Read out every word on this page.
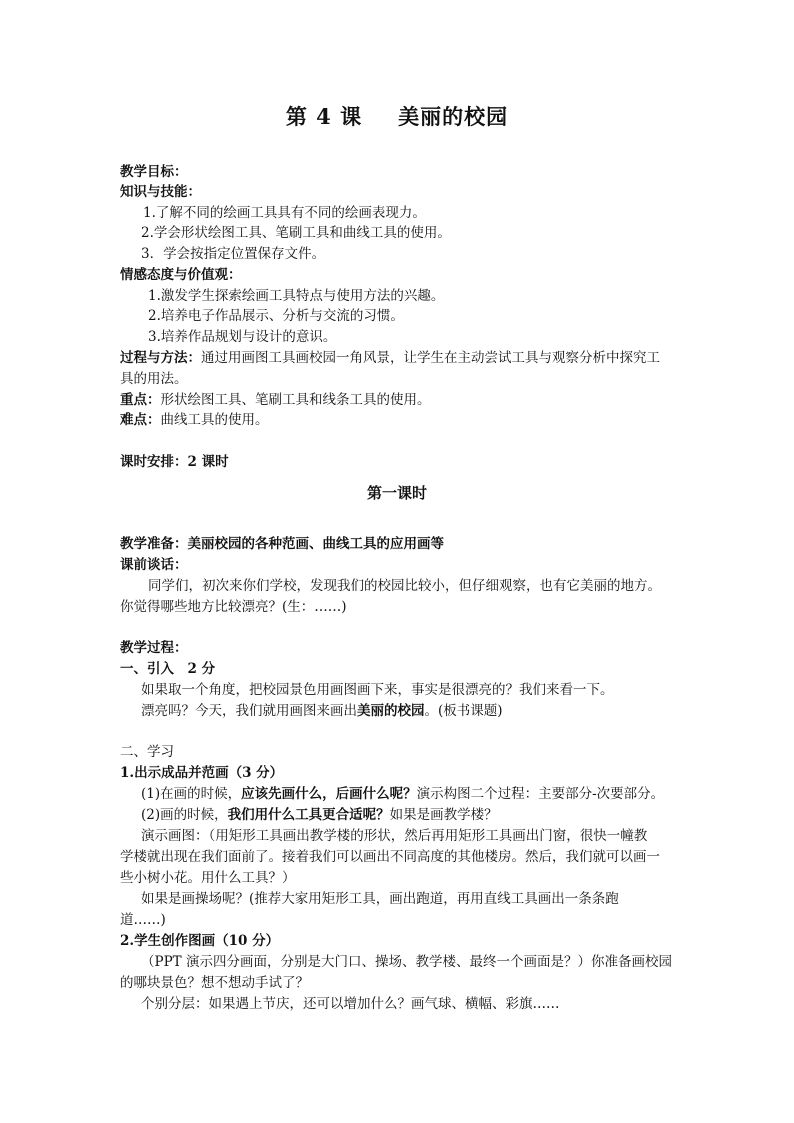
第 4 课 美丽的校园
教学目标：
知识与技能：
1.了解不同的绘画工具具有不同的绘画表现力。
2.学会形状绘图工具、笔刷工具和曲线工具的使用。
3．学会按指定位置保存文件。
情感态度与价值观：
1.激发学生探索绘画工具特点与使用方法的兴趣。
2.培养电子作品展示、分析与交流的习惯。
3.培养作品规划与设计的意识。
过程与方法：通过用画图工具画校园一角风景，让学生在主动尝试工具与观察分析中探究工
具的用法。
重点：形状绘图工具、笔刷工具和线条工具的使用。
难点：曲线工具的使用。
课时安排：2 课时
第一课时
教学准备：美丽校园的各种范画、曲线工具的应用画等
课前谈话：
同学们，初次来你们学校，发现我们的校园比较小，但仔细观察，也有它美丽的地方。
你觉得哪些地方比较漂亮？(生：……)
教学过程：
一、引入　2 分
如果取一个角度，把校园景色用画图画下来，事实是很漂亮的？我们来看一下。
漂亮吗？今天，我们就用画图来画出美丽的校园。(板书课题)
二、学习
1.出示成品并范画（3 分）
(1)在画的时候，应该先画什么，后画什么呢？演示构图二个过程：主要部分-次要部分。
(2)画的时候，我们用什么工具更合适呢？如果是画教学楼？
演示画图：（用矩形工具画出教学楼的形状，然后再用矩形工具画出门窗，很快一幢教
学楼就出现在我们面前了。接着我们可以画出不同高度的其他楼房。然后，我们就可以画一
些小树小花。用什么工具？）
如果是画操场呢？(推荐大家用矩形工具，画出跑道，再用直线工具画出一条条跑
道……)
2.学生创作图画（10 分）
（PPT 演示四分画面，分别是大门口、操场、教学楼、最终一个画面是？）你准备画校园
的哪块景色？想不想动手试了？
个别分层：如果遇上节庆，还可以增加什么？画气球、横幅、彩旗……
